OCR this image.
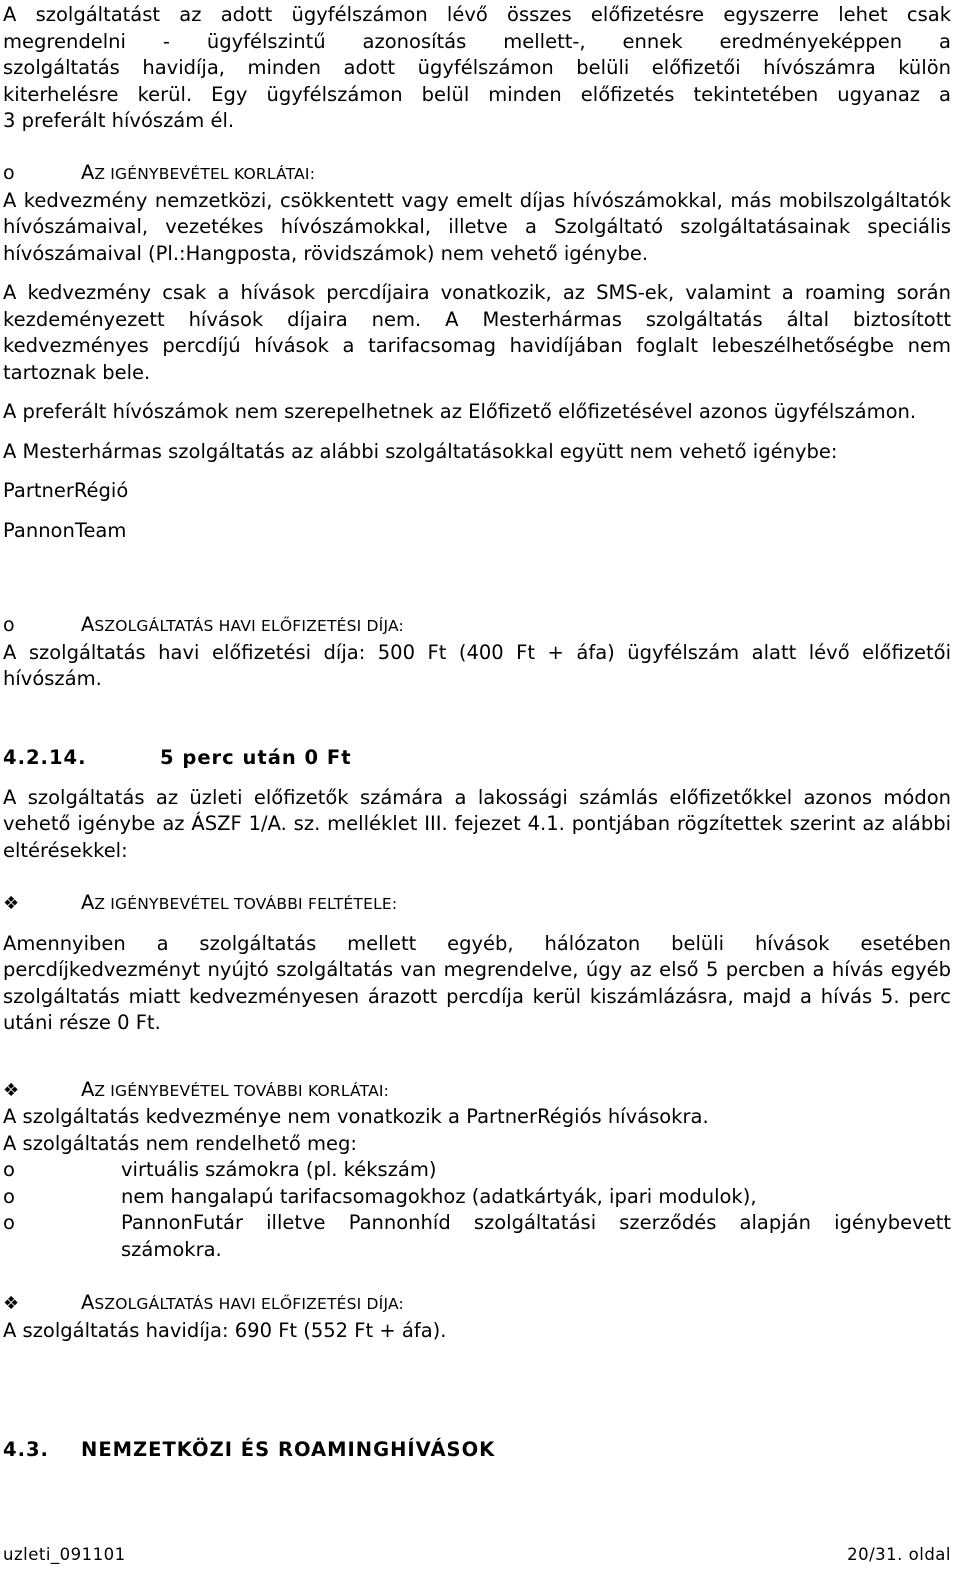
A szolgáltatást az adott ügyfélszámon lévő összes előfizetésre egyszerre lehet csak

megrendelni - ügyfélszintű azonosítás mellett-, ennek eredményeképpen a

szolgáltatás havidíja, minden adott ügyfélszámon belüli előfizetői hívószámra külön

kiterhelésre kerül. Egy ügyfélszámon belül minden előfizetés tekintetében ugyanaz a

3 preferált hívószám él.

o	A Z IGÉNYBEVÉTEL KORLÁTAI:

A kedvezmény nemzetközi, csökkentett vagy emelt díjas hívószámokkal, más mobilszolgáltatók hívószámaival, vezetékes hívószámokkal, illetve a Szolgáltató szolgáltatásainak speciális hívószámaival (Pl.:Hangposta, rövidszámok) nem vehető igénybe.

A kedvezmény csak a hívások percdíjaira vonatkozik, az SMS-ek, valamint a roaming során kezdeményezett hívások díjaira nem. A Mesterhármas szolgáltatás által biztosított kedvezményes percdíjú hívások a tarifacsomag havidíjában foglalt lebeszélhetőségbe nem tartoznak bele.

A preferált hívószámok nem szerepelhetnek az Előfizető előfizetésével azonos ügyfélszámon.

A Mesterhármas szolgáltatás az alábbi szolgáltatásokkal együtt nem vehető igénybe:

PartnerRégió

PannonTeam

o	A SZOLGÁLTATÁS HAVI ELŐFIZETÉSI DÍJA:

A szolgáltatás havi előfizetési díja: 500 Ft (400 Ft + áfa) ügyfélszám alatt lévő előfizetői hívószám.

4.2.14.	5 perc után 0 Ft

A szolgáltatás az üzleti előfizetők számára a lakossági számlás előfizetőkkel azonos módon vehető igénybe az ÁSZF 1/A. sz. melléklet III. fejezet 4.1. pontjában rögzítettek szerint az alábbi eltérésekkel:

❖	A Z IGÉNYBEVÉTEL TOVÁBBI FELTÉTELE:

Amennyiben a szolgáltatás mellett egyéb, hálózaton belüli hívások esetében percdíjkedvezményt nyújtó szolgáltatás van megrendelve, úgy az első 5 percben a hívás egyéb szolgáltatás miatt kedvezményesen árazott percdíja kerül kiszámlázásra, majd a hívás 5. perc utáni része 0 Ft.

❖	A Z IGÉNYBEVÉTEL TOVÁBBI KORLÁTAI:

A szolgáltatás kedvezménye nem vonatkozik a PartnerRégiós hívásokra.

A szolgáltatás nem rendelhető meg:

o	virtuális számokra (pl. kékszám)
o	nem hangalapú tarifacsomagokhoz (adatkártyák, ipari modulok),
o	PannonFutár illetve Pannonhíd szolgáltatási szerződés alapján igénybevett számokra.
❖	A SZOLGÁLTATÁS HAVI ELŐFIZETÉSI DÍJA:

A szolgáltatás havidíja: 690 Ft (552 Ft + áfa).

4.3.	NEMZETKÖZI ÉS ROAMINGHÍVÁSOK
uzleti_091101	20/31. oldal
